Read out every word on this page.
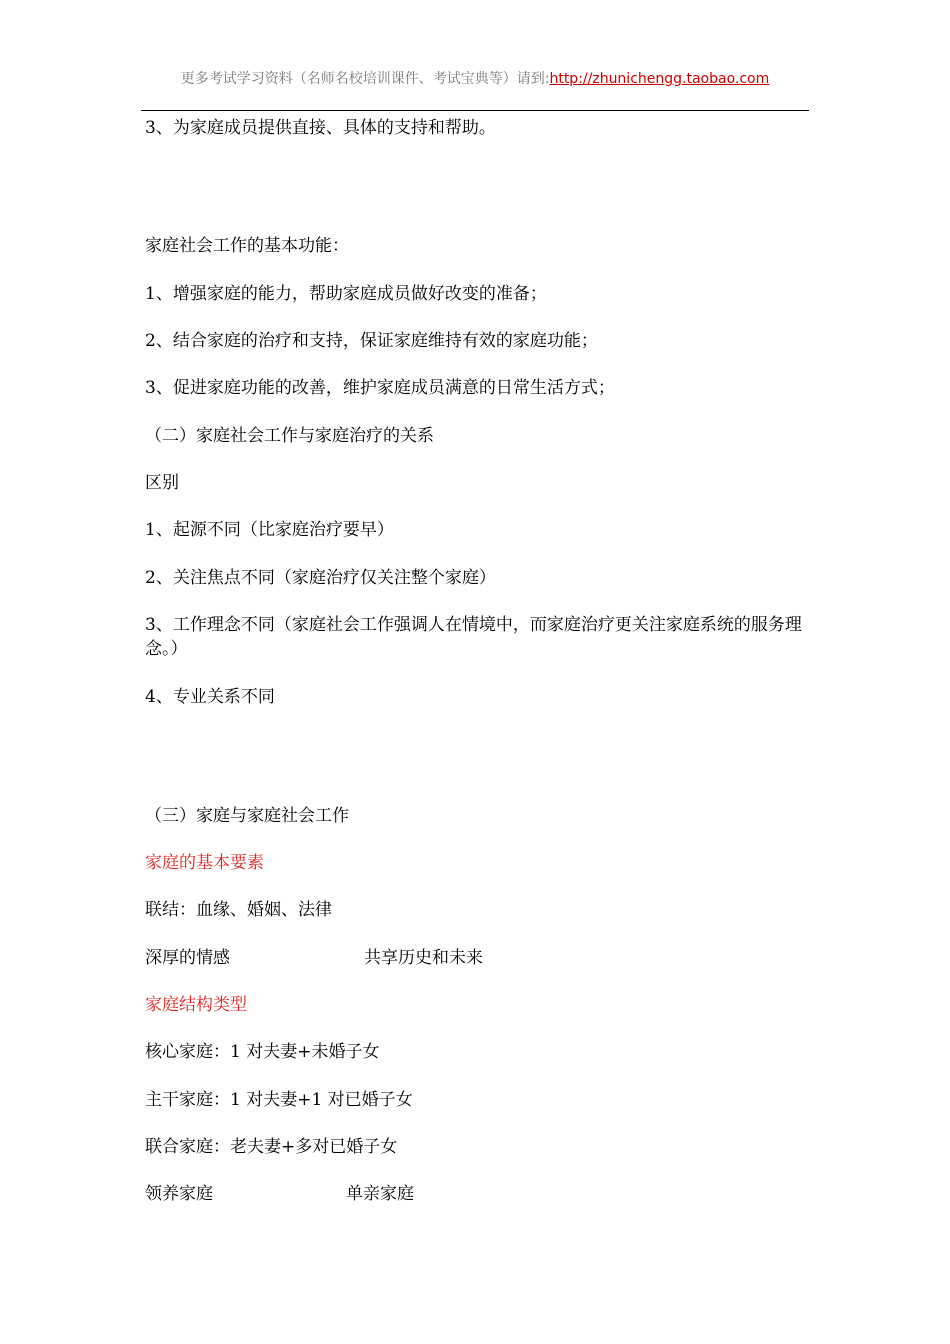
更多考试学习资料（名师名校培训课件、考试宝典等）请到:http://zhunichengg.taobao.com
3、为家庭成员提供直接、具体的支持和帮助。
家庭社会工作的基本功能：
1、增强家庭的能力，帮助家庭成员做好改变的准备；
2、结合家庭的治疗和支持，保证家庭维持有效的家庭功能；
3、促进家庭功能的改善，维护家庭成员满意的日常生活方式；
（二）家庭社会工作与家庭治疗的关系
区别
1、起源不同（比家庭治疗要早）
2、关注焦点不同（家庭治疗仅关注整个家庭）
3、工作理念不同（家庭社会工作强调人在情境中，而家庭治疗更关注家庭系统的服务理念。）
4、专业关系不同
（三）家庭与家庭社会工作
家庭的基本要素
联结：血缘、婚姻、法律
深厚的情感	共享历史和未来
家庭结构类型
核心家庭：1 对夫妻+未婚子女
主干家庭：1 对夫妻+1 对已婚子女
联合家庭：老夫妻+多对已婚子女
领养家庭	单亲家庭
